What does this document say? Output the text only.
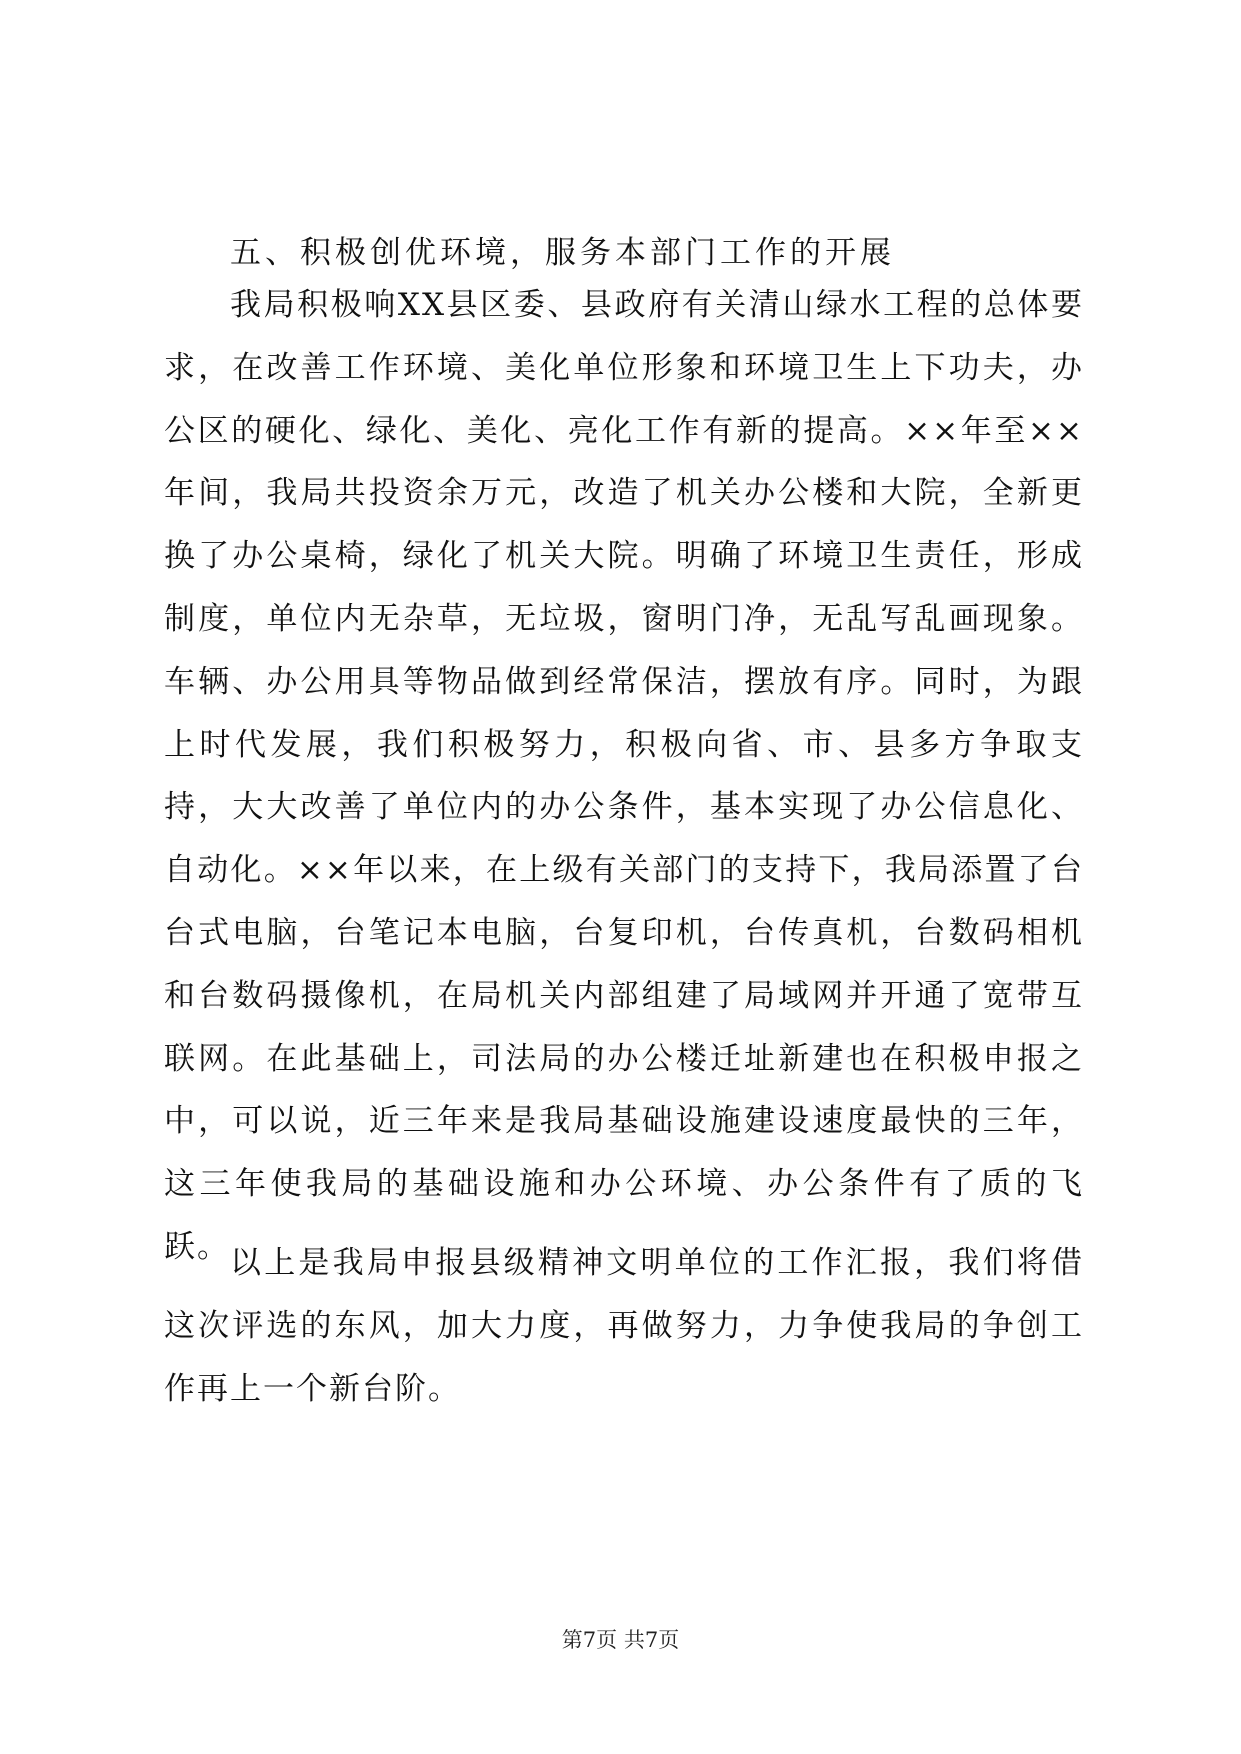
五、积极创优环境，服务本部门工作的开展

我局积极响XX县区委、县政府有关清山绿水工程的总体要求，在改善工作环境、美化单位形象和环境卫生上下功夫，办公区的硬化、绿化、美化、亮化工作有新的提高。××年至××年间，我局共投资余万元，改造了机关办公楼和大院，全新更换了办公桌椅，绿化了机关大院。明确了环境卫生责任，形成制度，单位内无杂草，无垃圾，窗明门净，无乱写乱画现象。车辆、办公用具等物品做到经常保洁，摆放有序。同时，为跟上时代发展，我们积极努力，积极向省、市、县多方争取支持，大大改善了单位内的办公条件，基本实现了办公信息化、自动化。××年以来，在上级有关部门的支持下，我局添置了台台式电脑，台笔记本电脑，台复印机，台传真机，台数码相机和台数码摄像机，在局机关内部组建了局域网并开通了宽带互联网。在此基础上，司法局的办公楼迁址新建也在积极申报之中，可以说，近三年来是我局基础设施建设速度最快的三年，这三年使我局的基础设施和办公环境、办公条件有了质的飞跃。 以上是我局申报县级精神文明单位的工作汇报，我们将借这次评选的东风，加大力度，再做努力，力争使我局的争创工作再上一个新台阶。

第7页 共7页
